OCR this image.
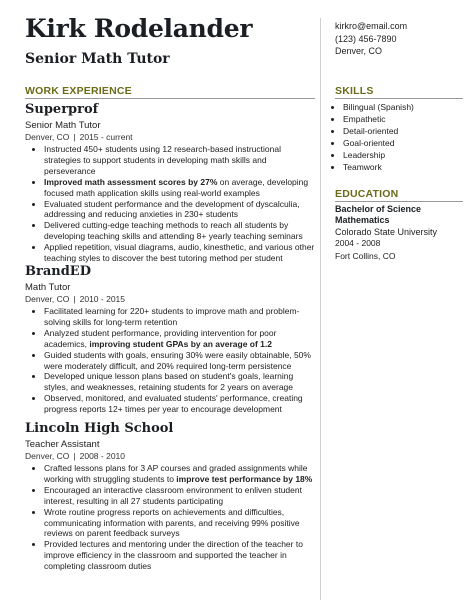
Kirk Rodelander
Senior Math Tutor
kirkro@email.com
(123) 456-7890
Denver, CO
WORK EXPERIENCE
Superprof
Senior Math Tutor
Denver, CO | 2015 - current
• Instructed 450+ students using 12 research-based instructional strategies to support students in developing math skills and perseverance
• Improved math assessment scores by 27% on average, developing focused math application skills using real-world examples
• Evaluated student performance and the development of dyscalculia, addressing and reducing anxieties in 230+ students
• Delivered cutting-edge teaching methods to reach all students by developing teaching skills and attending 8+ yearly teaching seminars
• Applied repetition, visual diagrams, audio, kinesthetic, and various other teaching styles to discover the best tutoring method per student
BrandED
Math Tutor
Denver, CO | 2010 - 2015
• Facilitated learning for 220+ students to improve math and problem-solving skills for long-term retention
• Analyzed student performance, providing intervention for poor academics, improving student GPAs by an average of 1.2
• Guided students with goals, ensuring 30% were easily obtainable, 50% were moderately difficult, and 20% required long-term persistence
• Developed unique lesson plans based on student's goals, learning styles, and weaknesses, retaining students for 2 years on average
• Observed, monitored, and evaluated students' performance, creating progress reports 12+ times per year to encourage development
Lincoln High School
Teacher Assistant
Denver, CO | 2008 - 2010
• Crafted lessons plans for 3 AP courses and graded assignments while working with struggling students to improve test performance by 18%
• Encouraged an interactive classroom environment to enliven student interest, resulting in all 27 students participating
• Wrote routine progress reports on achievements and difficulties, communicating information with parents, and receiving 99% positive reviews on parent feedback surveys
• Provided lectures and mentoring under the direction of the teacher to improve efficiency in the classroom and supported the teacher in completing classroom duties
SKILLS
• Bilingual (Spanish)
• Empathetic
• Detail-oriented
• Goal-oriented
• Leadership
• Teamwork
EDUCATION
Bachelor of Science Mathematics
Colorado State University
2004 - 2008
Fort Collins, CO
